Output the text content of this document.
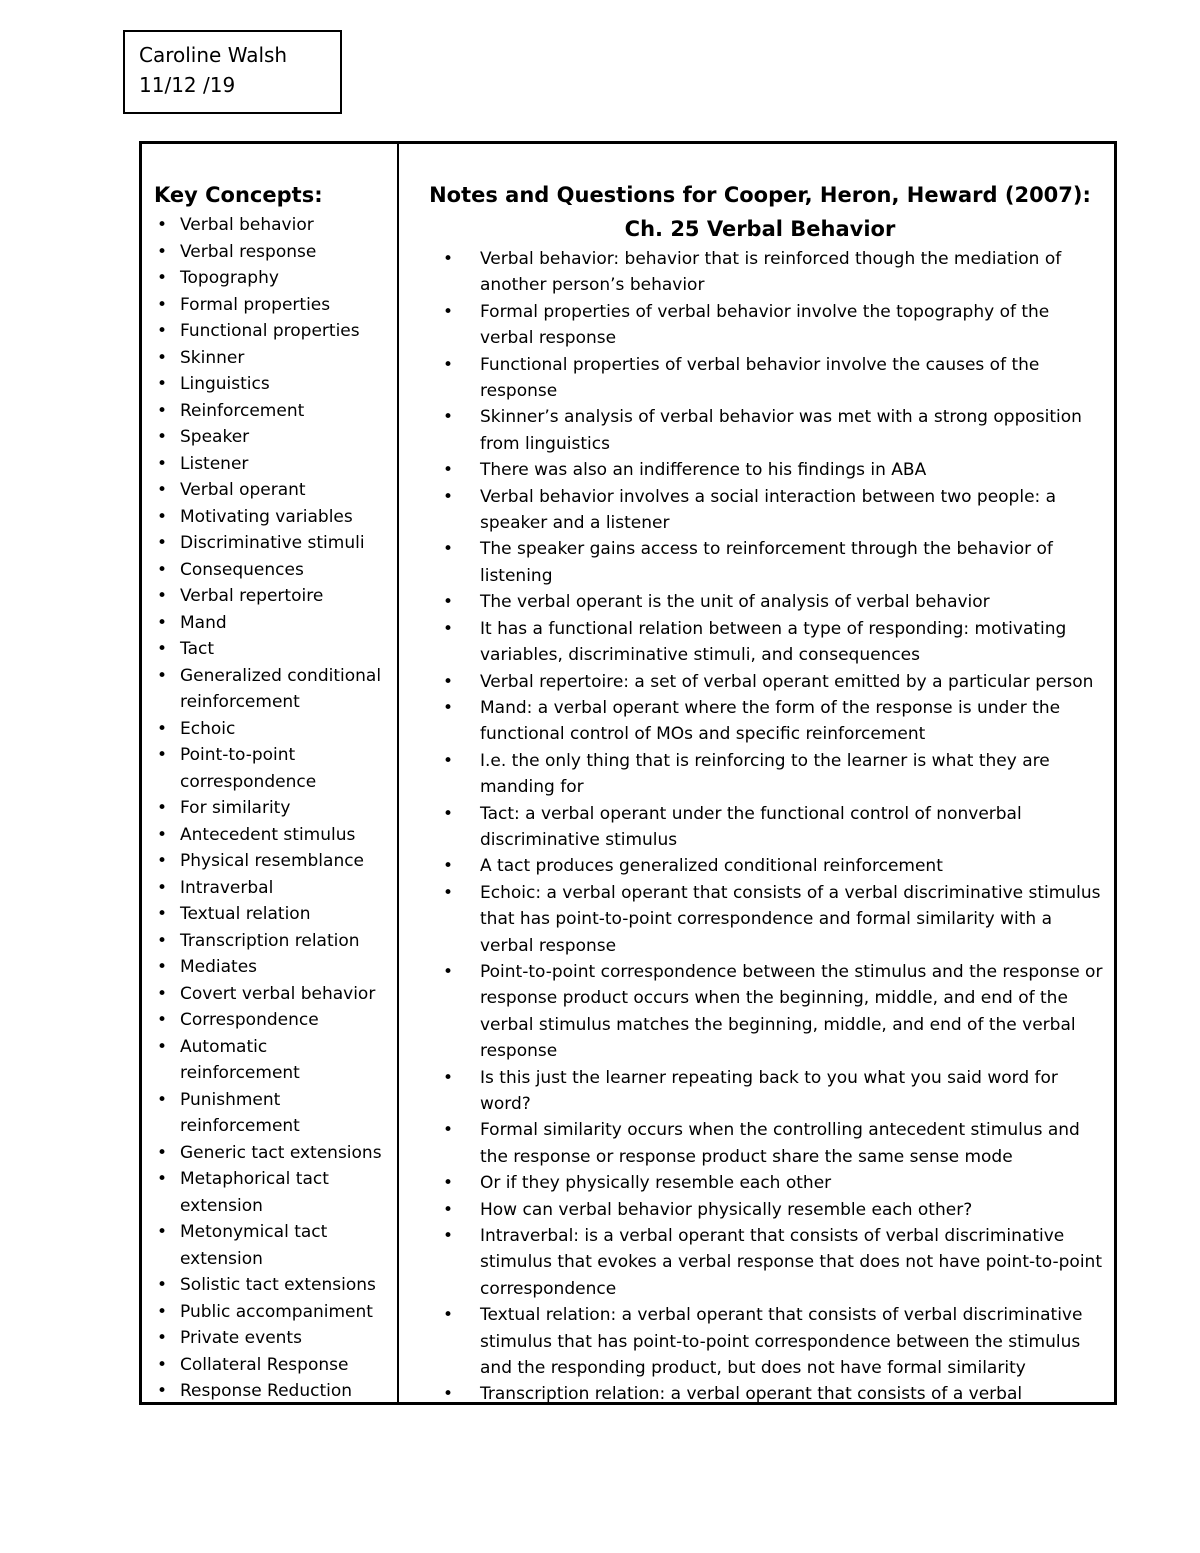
Caroline Walsh
11/12 /19
Key Concepts:
• Verbal behavior
• Verbal response
• Topography
• Formal properties
• Functional properties
• Skinner
• Linguistics
• Reinforcement
• Speaker
• Listener
• Verbal operant
• Motivating variables
• Discriminative stimuli
• Consequences
• Verbal repertoire
• Mand
• Tact
• Generalized conditional reinforcement
• Echoic
• Point-to-point correspondence
• For similarity
• Antecedent stimulus
• Physical resemblance
• Intraverbal
• Textual relation
• Transcription relation
• Mediates
• Covert verbal behavior
• Correspondence
• Automatic reinforcement
• Punishment reinforcement
• Generic tact extensions
• Metaphorical tact extension
• Metonymical tact extension
• Solistic tact extensions
• Public accompaniment
• Private events
• Collateral Response
• Response Reduction
Notes and Questions for Cooper, Heron, Heward (2007): Ch. 25 Verbal Behavior
• Verbal behavior: behavior that is reinforced though the mediation of another person’s behavior
• Formal properties of verbal behavior involve the topography of the verbal response
• Functional properties of verbal behavior involve the causes of the response
• Skinner’s analysis of verbal behavior was met with a strong opposition from linguistics
• There was also an indifference to his findings in ABA
• Verbal behavior involves a social interaction between two people: a speaker and a listener
• The speaker gains access to reinforcement through the behavior of listening
• The verbal operant is the unit of analysis of verbal behavior
• It has a functional relation between a type of responding: motivating variables, discriminative stimuli, and consequences
• Verbal repertoire: a set of verbal operant emitted by a particular person
• Mand: a verbal operant where the form of the response is under the functional control of MOs and specific reinforcement
• I.e. the only thing that is reinforcing to the learner is what they are manding for
• Tact: a verbal operant under the functional control of nonverbal discriminative stimulus
• A tact produces generalized conditional reinforcement
• Echoic: a verbal operant that consists of a verbal discriminative stimulus that has point-to-point correspondence and formal similarity with a verbal response
• Point-to-point correspondence between the stimulus and the response or response product occurs when the beginning, middle, and end of the verbal stimulus matches the beginning, middle, and end of the verbal response
• Is this just the learner repeating back to you what you said word for word?
• Formal similarity occurs when the controlling antecedent stimulus and the response or response product share the same sense mode
• Or if they physically resemble each other
• How can verbal behavior physically resemble each other?
• Intraverbal: is a verbal operant that consists of verbal discriminative stimulus that evokes a verbal response that does not have point-to-point correspondence
• Textual relation: a verbal operant that consists of verbal discriminative stimulus that has point-to-point correspondence between the stimulus and the responding product, but does not have formal similarity
• Transcription relation: a verbal operant that consists of a verbal
